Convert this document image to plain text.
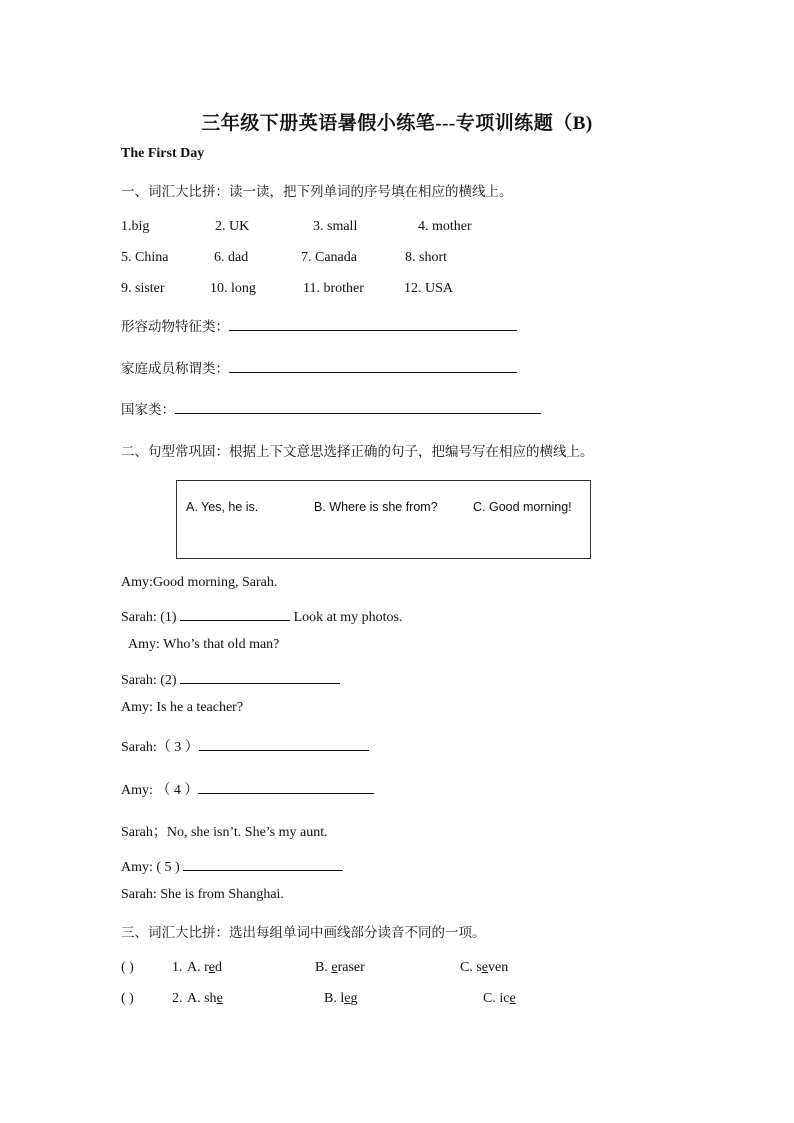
三年级下册英语暑假小练笔---专项训练题（B)
The First Day
一、词汇大比拼：读一读，把下列单词的序号填在相应的横线上。
1.big	2. UK	3. small	4. mother
5. China	6. dad	7. Canada	8. short
9. sister	10. long	11. brother	12. USA
形容动物特征类：
家庭成员称谓类：
国家类：
二、句型常巩固：根据上下文意思选择正确的句子，把编号写在相应的横线上。
A. Yes, he is.	B. Where is she from?	C. Good morning!
Amy:Good morning, Sarah.
Sarah: (1)	Look at my photos.
Amy: Who’s that old man?
Sarah: (2)
Amy: Is he a teacher?
Sarah:（ 3 ）
Amy: （ 4 ）
Sarah；No, she isn’t. She’s my aunt.
Amy: ( 5 )
Sarah: She is from Shanghai.
三、词汇大比拼：选出每组单词中画线部分读音不同的一项。
( )	1. A. red	B. eraser	C. seven
( )	2. A. she	B. leg	C. ice
